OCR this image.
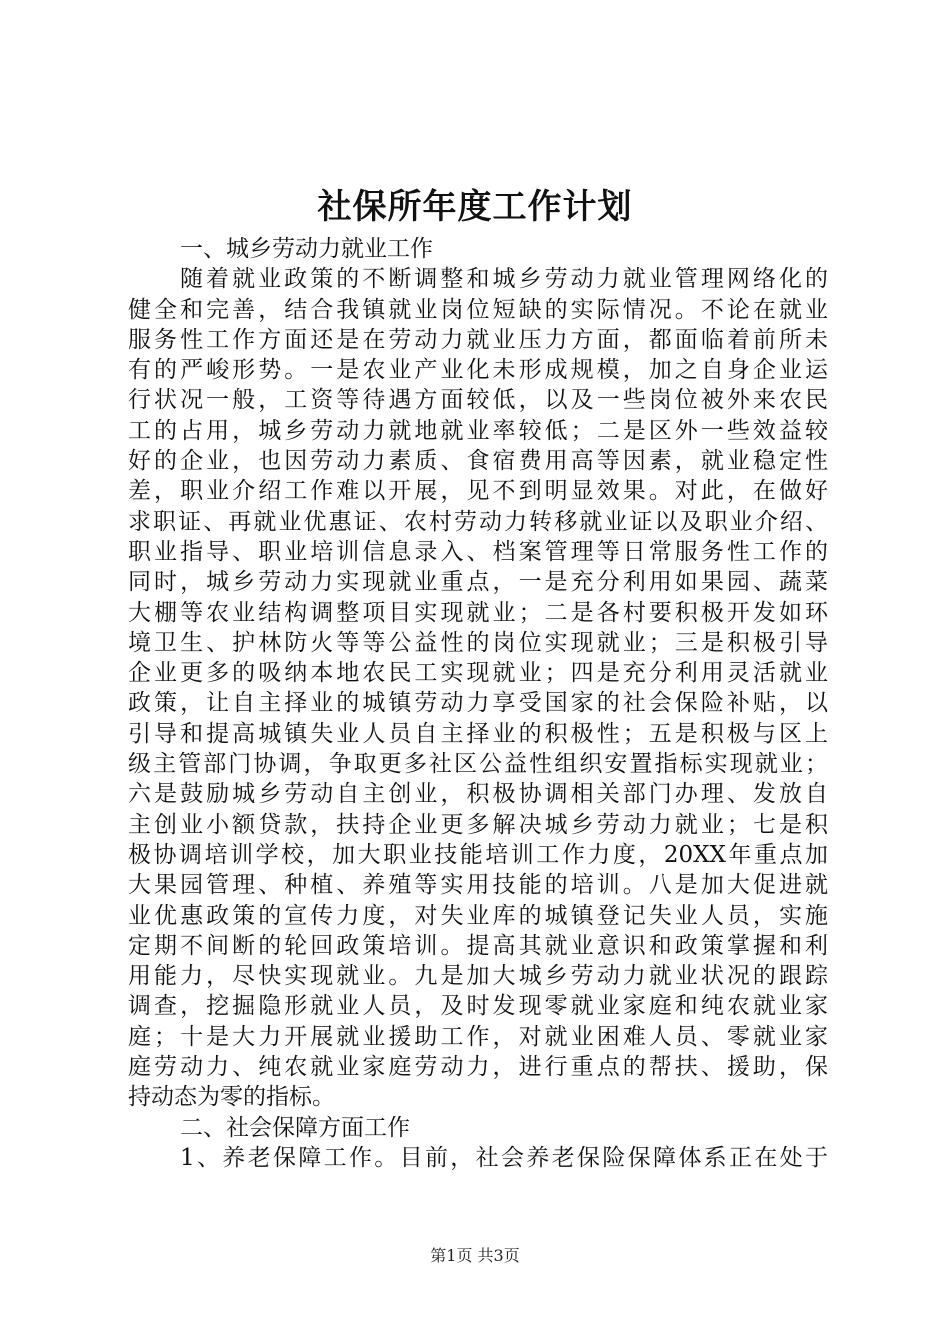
社保所年度工作计划
一、城乡劳动力就业工作
随着就业政策的不断调整和城乡劳动力就业管理网络化的
健全和完善，结合我镇就业岗位短缺的实际情况。不论在就业
服务性工作方面还是在劳动力就业压力方面，都面临着前所未
有的严峻形势。一是农业产业化未形成规模，加之自身企业运
行状况一般，工资等待遇方面较低，以及一些岗位被外来农民
工的占用，城乡劳动力就地就业率较低；二是区外一些效益较
好的企业，也因劳动力素质、食宿费用高等因素，就业稳定性
差，职业介绍工作难以开展，见不到明显效果。对此，在做好
求职证、再就业优惠证、农村劳动力转移就业证以及职业介绍、
职业指导、职业培训信息录入、档案管理等日常服务性工作的
同时，城乡劳动力实现就业重点，一是充分利用如果园、蔬菜
大棚等农业结构调整项目实现就业；二是各村要积极开发如环
境卫生、护林防火等等公益性的岗位实现就业；三是积极引导
企业更多的吸纳本地农民工实现就业；四是充分利用灵活就业
政策，让自主择业的城镇劳动力享受国家的社会保险补贴，以
引导和提高城镇失业人员自主择业的积极性；五是积极与区上
级主管部门协调，争取更多社区公益性组织安置指标实现就业；
六是鼓励城乡劳动自主创业，积极协调相关部门办理、发放自
主创业小额贷款，扶持企业更多解决城乡劳动力就业；七是积
极协调培训学校，加大职业技能培训工作力度，20XX年重点加
大果园管理、种植、养殖等实用技能的培训。八是加大促进就
业优惠政策的宣传力度，对失业库的城镇登记失业人员，实施
定期不间断的轮回政策培训。提高其就业意识和政策掌握和利
用能力，尽快实现就业。九是加大城乡劳动力就业状况的跟踪
调查，挖掘隐形就业人员，及时发现零就业家庭和纯农就业家
庭；十是大力开展就业援助工作，对就业困难人员、零就业家
庭劳动力、纯农就业家庭劳动力，进行重点的帮扶、援助，保
持动态为零的指标。
二、社会保障方面工作
1、养老保障工作。目前，社会养老保险保障体系正在处于
第1页 共3页
